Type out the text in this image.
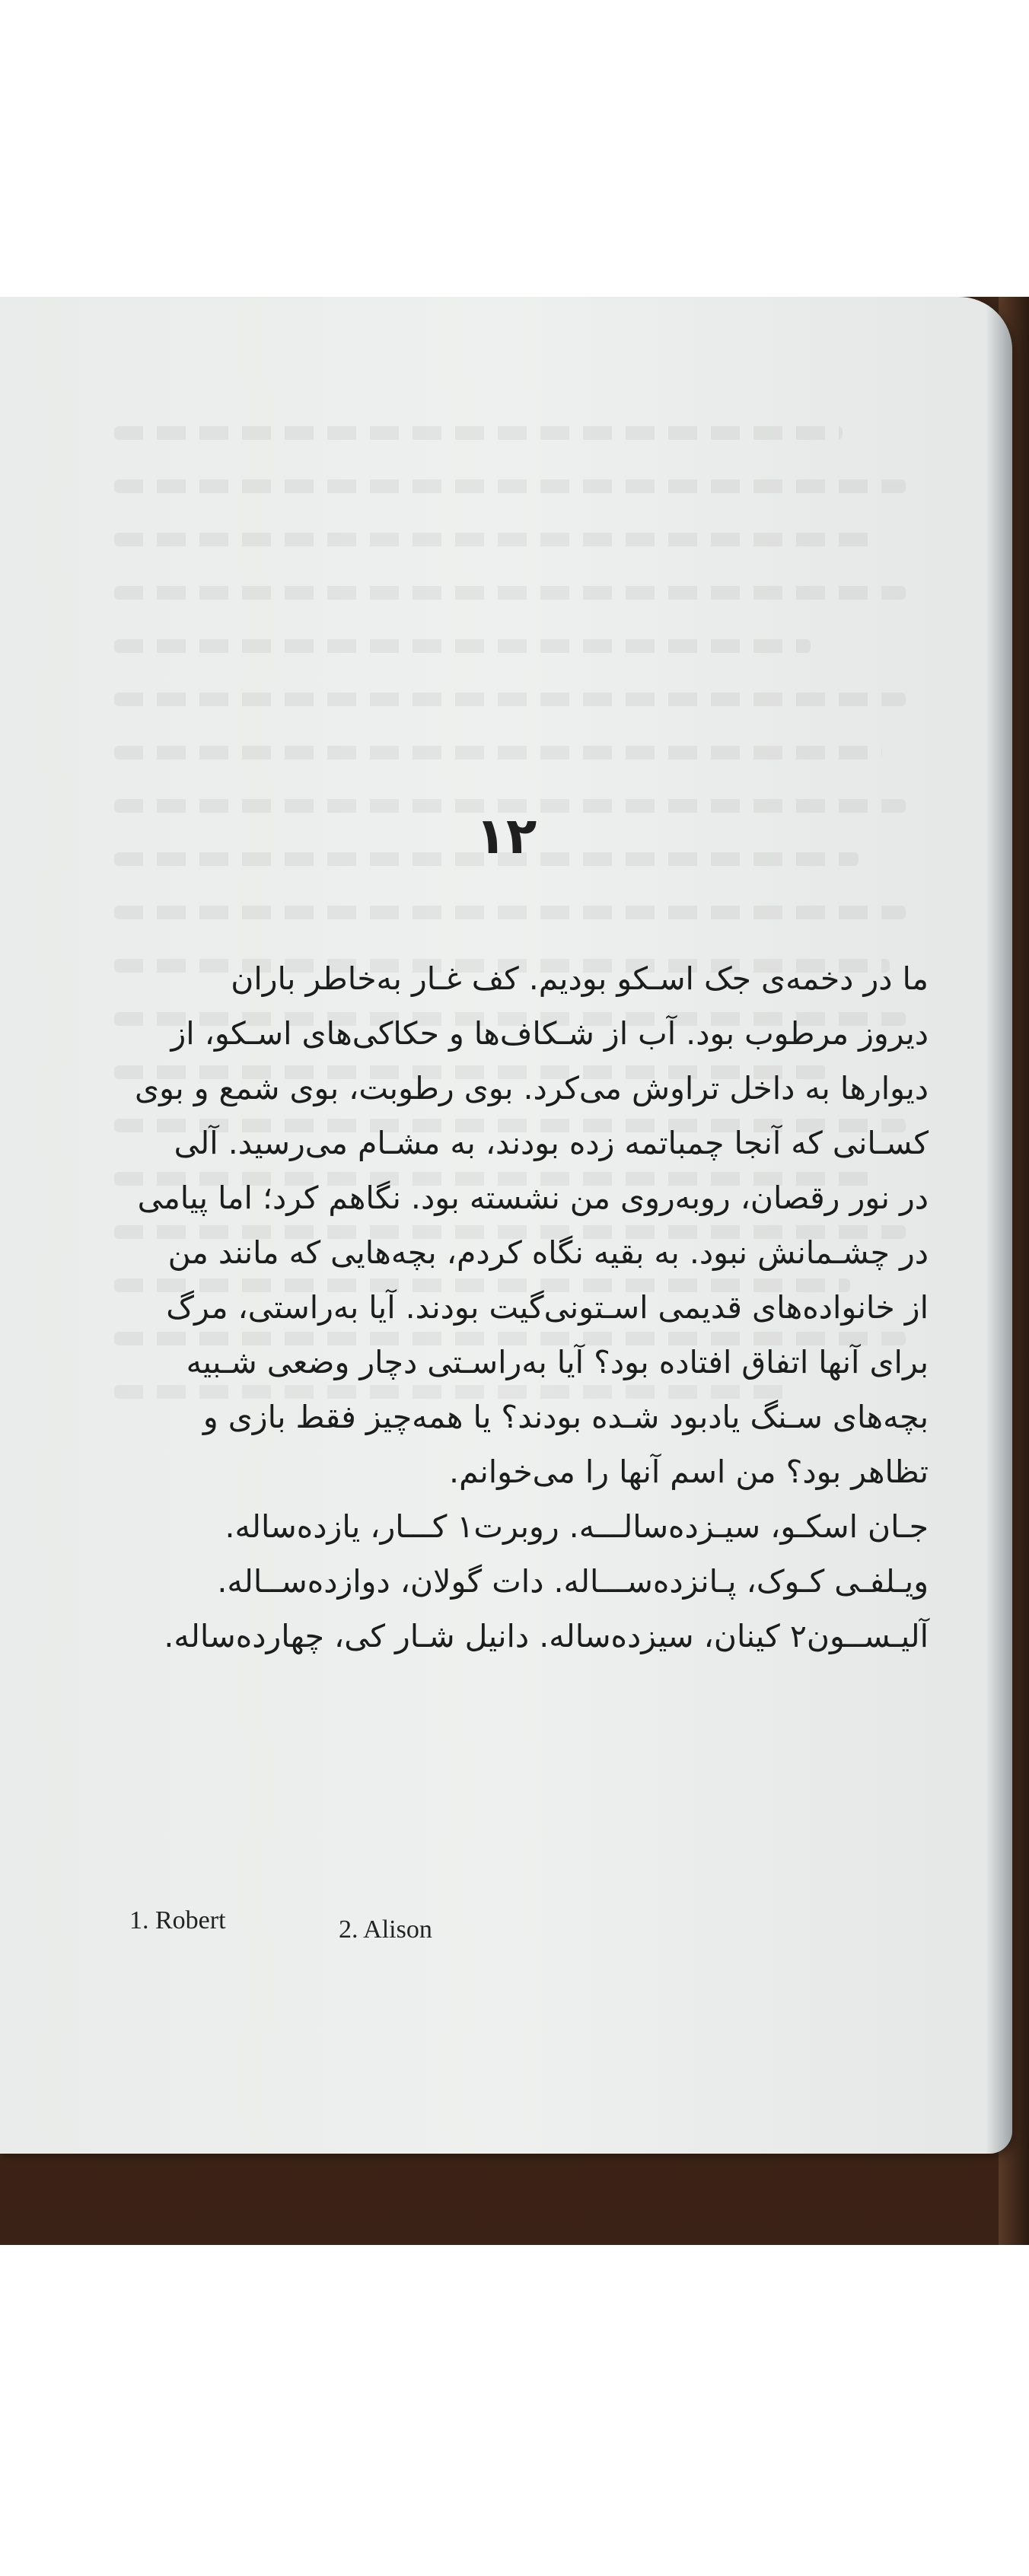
۱۲

ما در دخمه‌ی جک اسـکو بودیم. کف غـار به‌خاطر باران

دیروز مرطوب بود. آب از شـکاف‌ها و حکاکی‌های اسـکو، از

دیوارها به داخل تراوش می‌کرد. بوی رطوبت، بوی شمع و بوی

کسـانی که آنجا چمباتمه زده بودند، به مشـام می‌رسید. آلی

در نور رقصان، روبه‌روی من نشسته بود. نگاهم کرد؛ اما پیامی

در چشـمانش نبود. به بقیه نگاه کردم، بچه‌هایی که مانند من

از خانواده‌های قدیمی اسـتونی‌گیت بودند. آیا به‌راستی، مرگ

برای آنها اتفاق افتاده بود؟ آیا به‌راسـتی دچار وضعی شـبیه

بچه‌های سـنگ یادبود شـده بودند؟ یا همه‌چیز فقط بازی و

تظاهر بود؟ من اسم آنها را می‌خوانم.

جـان اسکـو، سیـزده‌سالـــه. روبرت۱ کـــار، یازده‌ساله.

ویـلفـی کـوک، پـانزده‌ســـاله. دات گولان، دوازده‌ســاله.

آلیـســون۲ کینان، سیزده‌ساله. دانیل شـار کی، چهارده‌ساله.

1. Robert	2. Alison
